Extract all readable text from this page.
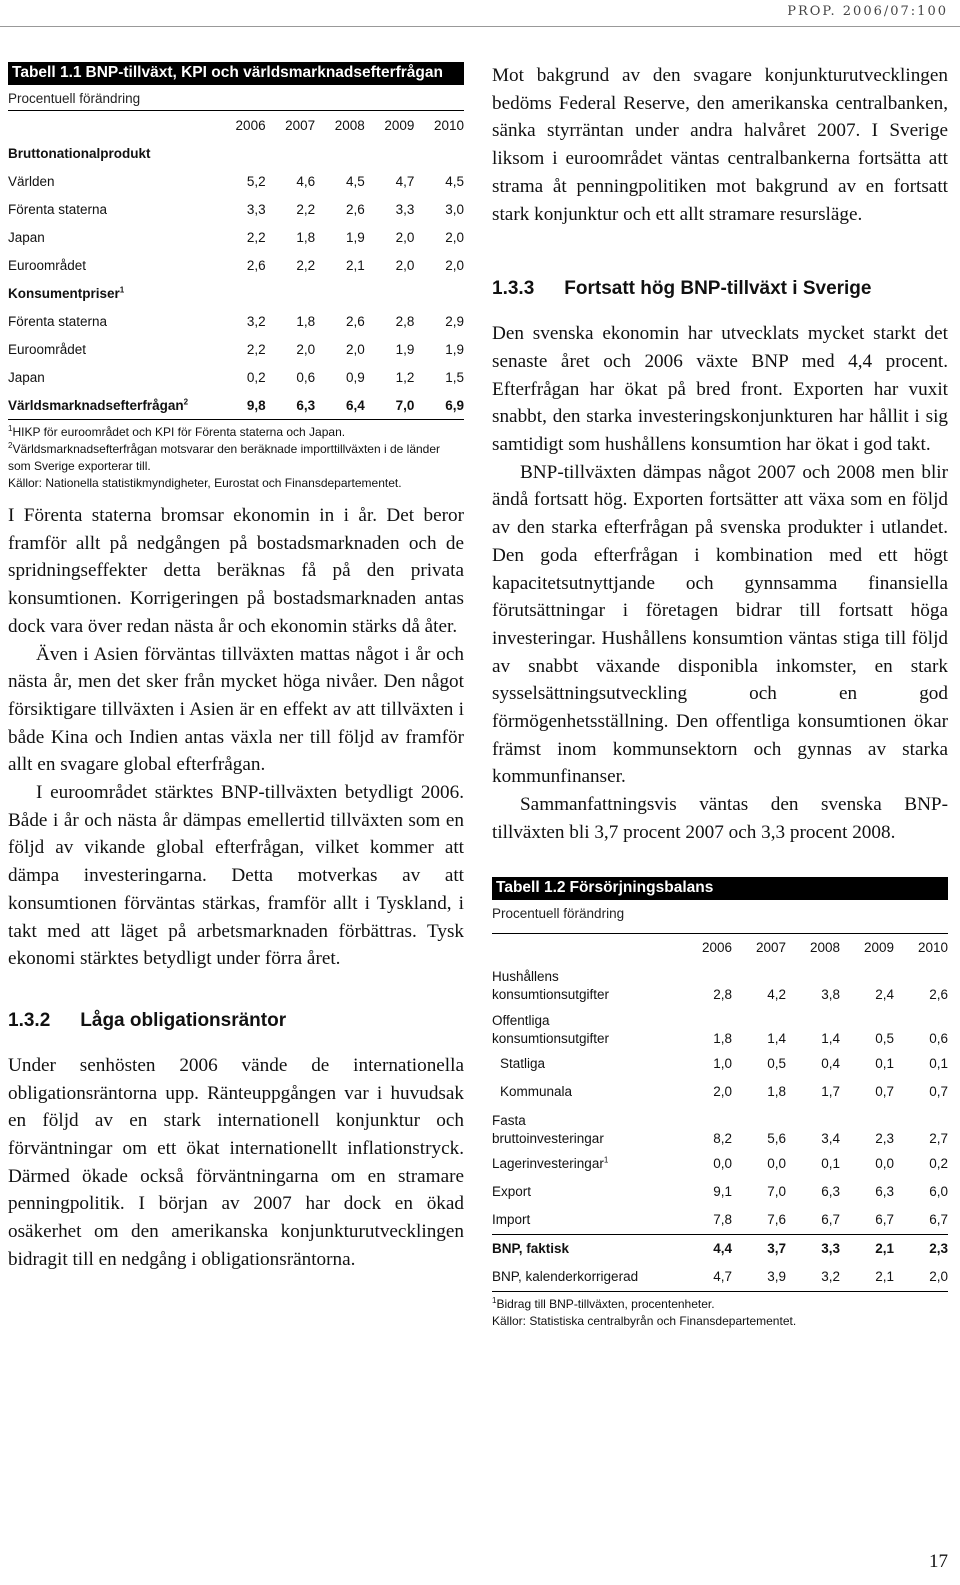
PROP. 2006/07:100
Tabell 1.1 BNP-tillväxt, KPI och världsmarknadsefterfrågan
Procentuell förändring
	2006	2007	2008	2009	2010
Bruttonationalprodukt					
Världen	5,2	4,6	4,5	4,7	4,5
Förenta staterna	3,3	2,2	2,6	3,3	3,0
Japan	2,2	1,8	1,9	2,0	2,0
Euroområdet	2,6	2,2	2,1	2,0	2,0
Konsumentpriser$^1$
Förenta staterna	3,2	1,8	2,6	2,8	2,9
Euroområdet	2,2	2,0	2,0	1,9	1,9
Japan	0,2	0,6	0,9	1,2	1,5
Världsmarknadsefterfrågan$^2$	9,8	6,3	6,4	7,0	6,9

$^1$HIKP för euroområdet och KPI för Förenta staterna och Japan.

$^2$Världsmarknadsefterfrågan motsvarar den beräknade importtillväxten i de länder som Sverige exporterar till.

Källor: Nationella statistikmyndigheter, Eurostat och Finansdepartementet.

I Förenta staterna bromsar ekonomin in i år. Det beror framför allt på nedgången på bostadsmarknaden och de spridningseffekter detta beräknas få på den privata konsumtionen. Korrigeringen på bostadsmarknaden antas dock vara över redan nästa år och ekonomin stärks då åter.

Även i Asien förväntas tillväxten mattas något i år och nästa år, men det sker från mycket höga nivåer. Den något försiktigare tillväxten i Asien är en effekt av att tillväxten i både Kina och Indien antas växla ner till följd av framför allt en svagare global efterfrågan.

I euroområdet stärktes BNP-tillväxten betydligt 2006. Både i år och nästa år dämpas emellertid tillväxten som en följd av vikande global efterfrågan, vilket kommer att dämpa investeringarna. Detta motverkas av att konsumtionen förväntas stärkas, framför allt i Tyskland, i takt med att läget på arbetsmarknaden förbättras. Tysk ekonomi stärktes betydligt under förra året.

1.3.2 Låga obligationsräntor

Under senhösten 2006 vände de internationella obligationsräntorna upp. Ränteuppgången var i huvudsak en följd av en stark internationell konjunktur och förväntningar om ett ökat internationellt inflationstryck. Därmed ökade också förväntningarna om en stramare penningpolitik. I början av 2007 har dock en ökad osäkerhet om den amerikanska konjunkturutvecklingen bidragit till en nedgång i obligationsräntorna.

Mot bakgrund av den svagare konjunkturutvecklingen bedöms Federal Reserve, den amerikanska centralbanken, sänka styrräntan under andra halvåret 2007. I Sverige liksom i euroområdet väntas centralbankerna fortsätta att strama åt penningpolitiken mot bakgrund av en fortsatt stark konjunktur och ett allt stramare resursläge.

1.3.3 Fortsatt hög BNP-tillväxt i Sverige

Den svenska ekonomin har utvecklats mycket starkt det senaste året och 2006 växte BNP med 4,4 procent. Efterfrågan har ökat på bred front. Exporten har vuxit snabbt, den starka investeringskonjunkturen har hållit i sig samtidigt som hushållens konsumtion har ökat i god takt.

BNP-tillväxten dämpas något 2007 och 2008 men blir ändå fortsatt hög. Exporten fortsätter att växa som en följd av den starka efterfrågan på svenska produkter i utlandet. Den goda efterfrågan i kombination med ett högt kapacitetsutnyttjande och gynnsamma finansiella förutsättningar i företagen bidrar till fortsatt höga investeringar. Hushållens konsumtion väntas stiga till följd av snabbt växande disponibla inkomster, en stark sysselsättningsutveckling och en god förmögenhetsställning. Den offentliga konsumtionen ökar främst inom kommunsektorn och gynnas av starka kommunfinanser.

Sammanfattningsvis väntas den svenska BNP-tillväxten bli 3,7 procent 2007 och 3,3 procent 2008.

Tabell 1.2 Försörjningsbalans
Procentuell förändring
	2006	2007	2008	2009	2010
Hushållens					
konsumtionsutgifter	2,8	4,2	3,8	2,4	2,6
Offentliga					
konsumtionsutgifter	1,8	1,4	1,4	0,5	0,6
Statliga	1,0	0,5	0,4	0,1	0,1
Kommunala	2,0	1,8	1,7	0,7	0,7
Fasta					
bruttoinvesteringar	8,2	5,6	3,4	2,3	2,7
Lagerinvesteringar$^1$	0,0	0,0	0,1	0,0	0,2
Export	9,1	7,0	6,3	6,3	6,0
Import	7,8	7,6	6,7	6,7	6,7
BNP, faktisk	4,4	3,7	3,3	2,1	2,3
BNP, kalenderkorrigerad	4,7	3,9	3,2	2,1	2,0

$^1$Bidrag till BNP-tillväxten, procentenheter.

Källor: Statistiska centralbyrån och Finansdepartementet.

17
